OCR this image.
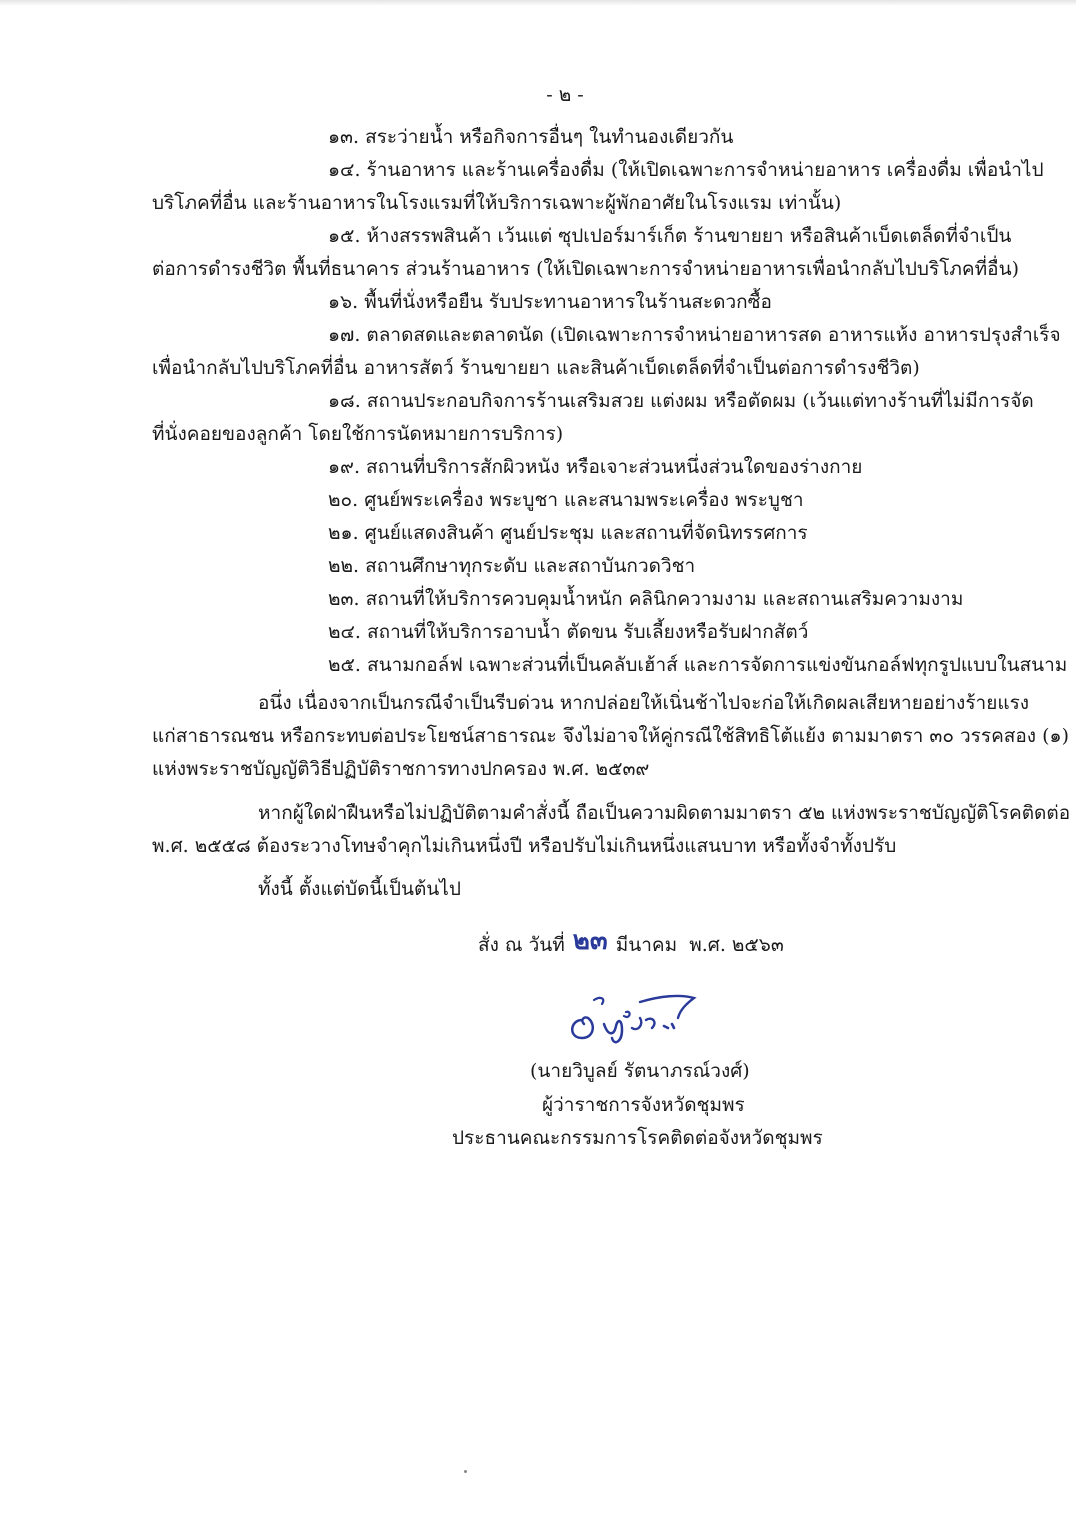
- ๒ -
๑๓. สระว่ายน้ำ หรือกิจการอื่นๆ ในทำนองเดียวกัน
๑๔. ร้านอาหาร และร้านเครื่องดื่ม (ให้เปิดเฉพาะการจำหน่ายอาหาร เครื่องดื่ม เพื่อนำไป
บริโภคที่อื่น และร้านอาหารในโรงแรมที่ให้บริการเฉพาะผู้พักอาศัยในโรงแรม เท่านั้น)
๑๕. ห้างสรรพสินค้า เว้นแต่ ซุปเปอร์มาร์เก็ต ร้านขายยา หรือสินค้าเบ็ดเตล็ดที่จำเป็น
ต่อการดำรงชีวิต พื้นที่ธนาคาร ส่วนร้านอาหาร (ให้เปิดเฉพาะการจำหน่ายอาหารเพื่อนำกลับไปบริโภคที่อื่น)
๑๖. พื้นที่นั่งหรือยืน รับประทานอาหารในร้านสะดวกซื้อ
๑๗. ตลาดสดและตลาดนัด (เปิดเฉพาะการจำหน่ายอาหารสด อาหารแห้ง อาหารปรุงสำเร็จ
เพื่อนำกลับไปบริโภคที่อื่น อาหารสัตว์ ร้านขายยา และสินค้าเบ็ดเตล็ดที่จำเป็นต่อการดำรงชีวิต)
๑๘. สถานประกอบกิจการร้านเสริมสวย แต่งผม หรือตัดผม (เว้นแต่ทางร้านที่ไม่มีการจัด
ที่นั่งคอยของลูกค้า โดยใช้การนัดหมายการบริการ)
๑๙. สถานที่บริการสักผิวหนัง หรือเจาะส่วนหนึ่งส่วนใดของร่างกาย
๒๐. ศูนย์พระเครื่อง พระบูชา และสนามพระเครื่อง พระบูชา
๒๑. ศูนย์แสดงสินค้า ศูนย์ประชุม และสถานที่จัดนิทรรศการ
๒๒. สถานศึกษาทุกระดับ และสถาบันกวดวิชา
๒๓. สถานที่ให้บริการควบคุมน้ำหนัก คลินิกความงาม และสถานเสริมความงาม
๒๔. สถานที่ให้บริการอาบน้ำ ตัดขน รับเลี้ยงหรือรับฝากสัตว์
๒๕. สนามกอล์ฟ เฉพาะส่วนที่เป็นคลับเฮ้าส์ และการจัดการแข่งขันกอล์ฟทุกรูปแบบในสนาม
อนึ่ง เนื่องจากเป็นกรณีจำเป็นรีบด่วน หากปล่อยให้เนิ่นช้าไปจะก่อให้เกิดผลเสียหายอย่างร้ายแรง
แก่สาธารณชน หรือกระทบต่อประโยชน์สาธารณะ จึงไม่อาจให้คู่กรณีใช้สิทธิโต้แย้ง ตามมาตรา ๓๐ วรรคสอง (๑)
แห่งพระราชบัญญัติวิธีปฏิบัติราชการทางปกครอง พ.ศ. ๒๕๓๙
หากผู้ใดฝ่าฝืนหรือไม่ปฏิบัติตามคำสั่งนี้ ถือเป็นความผิดตามมาตรา ๕๒ แห่งพระราชบัญญัติโรคติดต่อ
พ.ศ. ๒๕๕๘ ต้องระวางโทษจำคุกไม่เกินหนึ่งปี หรือปรับไม่เกินหนึ่งแสนบาท หรือทั้งจำทั้งปรับ
ทั้งนี้ ตั้งแต่บัดนี้เป็นต้นไป
สั่ง ณ วันที่ ๒๓ มีนาคม พ.ศ. ๒๕๖๓
(นายวิบูลย์ รัตนาภรณ์วงศ์)
ผู้ว่าราชการจังหวัดชุมพร
ประธานคณะกรรมการโรคติดต่อจังหวัดชุมพร
